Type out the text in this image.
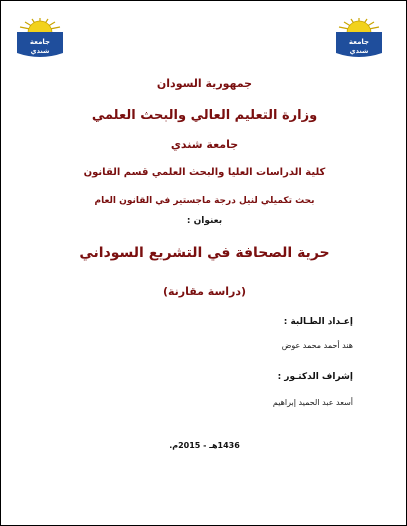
جامعة
شندي
جامعة
شندي
جمهورية السودان
وزارة التعليم العالي والبحث العلمي
جامعة شندي
كلية الدراسات العليا والبحث العلمي قسم القانون
بحث تكميلي لنيل درجة ماجستير في القانون العام
بعنوان :
حرية الصحافة في التشريع السوداني
(دراسة مقارنة)
إعـداد الطـالبة :
هند أحمد محمد عوض
إشراف الدكتـور :
أسعد عبد الحميد إبراهيم
1436هـ - 2015م.
